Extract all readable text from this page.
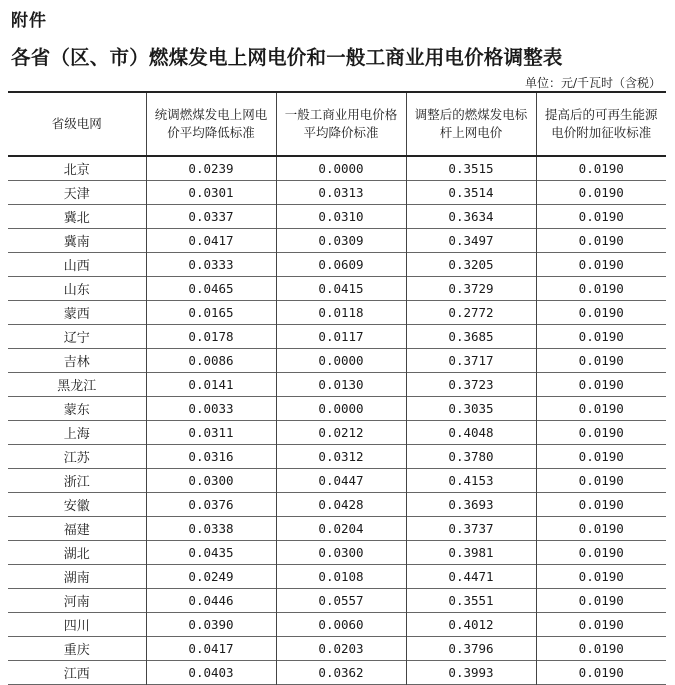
附件
各省（区、市）燃煤发电上网电价和一般工商业用电价格调整表
单位：元/千瓦时（含税）
省级电网	统调燃煤发电上网电价平均降低标准	一般工商业用电价格平均降价标准	调整后的燃煤发电标杆上网电价	提高后的可再生能源电价附加征收标准
北京	0.0239	0.0000	0.3515	0.0190
天津	0.0301	0.0313	0.3514	0.0190
冀北	0.0337	0.0310	0.3634	0.0190
冀南	0.0417	0.0309	0.3497	0.0190
山西	0.0333	0.0609	0.3205	0.0190
山东	0.0465	0.0415	0.3729	0.0190
蒙西	0.0165	0.0118	0.2772	0.0190
辽宁	0.0178	0.0117	0.3685	0.0190
吉林	0.0086	0.0000	0.3717	0.0190
黑龙江	0.0141	0.0130	0.3723	0.0190
蒙东	0.0033	0.0000	0.3035	0.0190
上海	0.0311	0.0212	0.4048	0.0190
江苏	0.0316	0.0312	0.3780	0.0190
浙江	0.0300	0.0447	0.4153	0.0190
安徽	0.0376	0.0428	0.3693	0.0190
福建	0.0338	0.0204	0.3737	0.0190
湖北	0.0435	0.0300	0.3981	0.0190
湖南	0.0249	0.0108	0.4471	0.0190
河南	0.0446	0.0557	0.3551	0.0190
四川	0.0390	0.0060	0.4012	0.0190
重庆	0.0417	0.0203	0.3796	0.0190
江西	0.0403	0.0362	0.3993	0.0190
